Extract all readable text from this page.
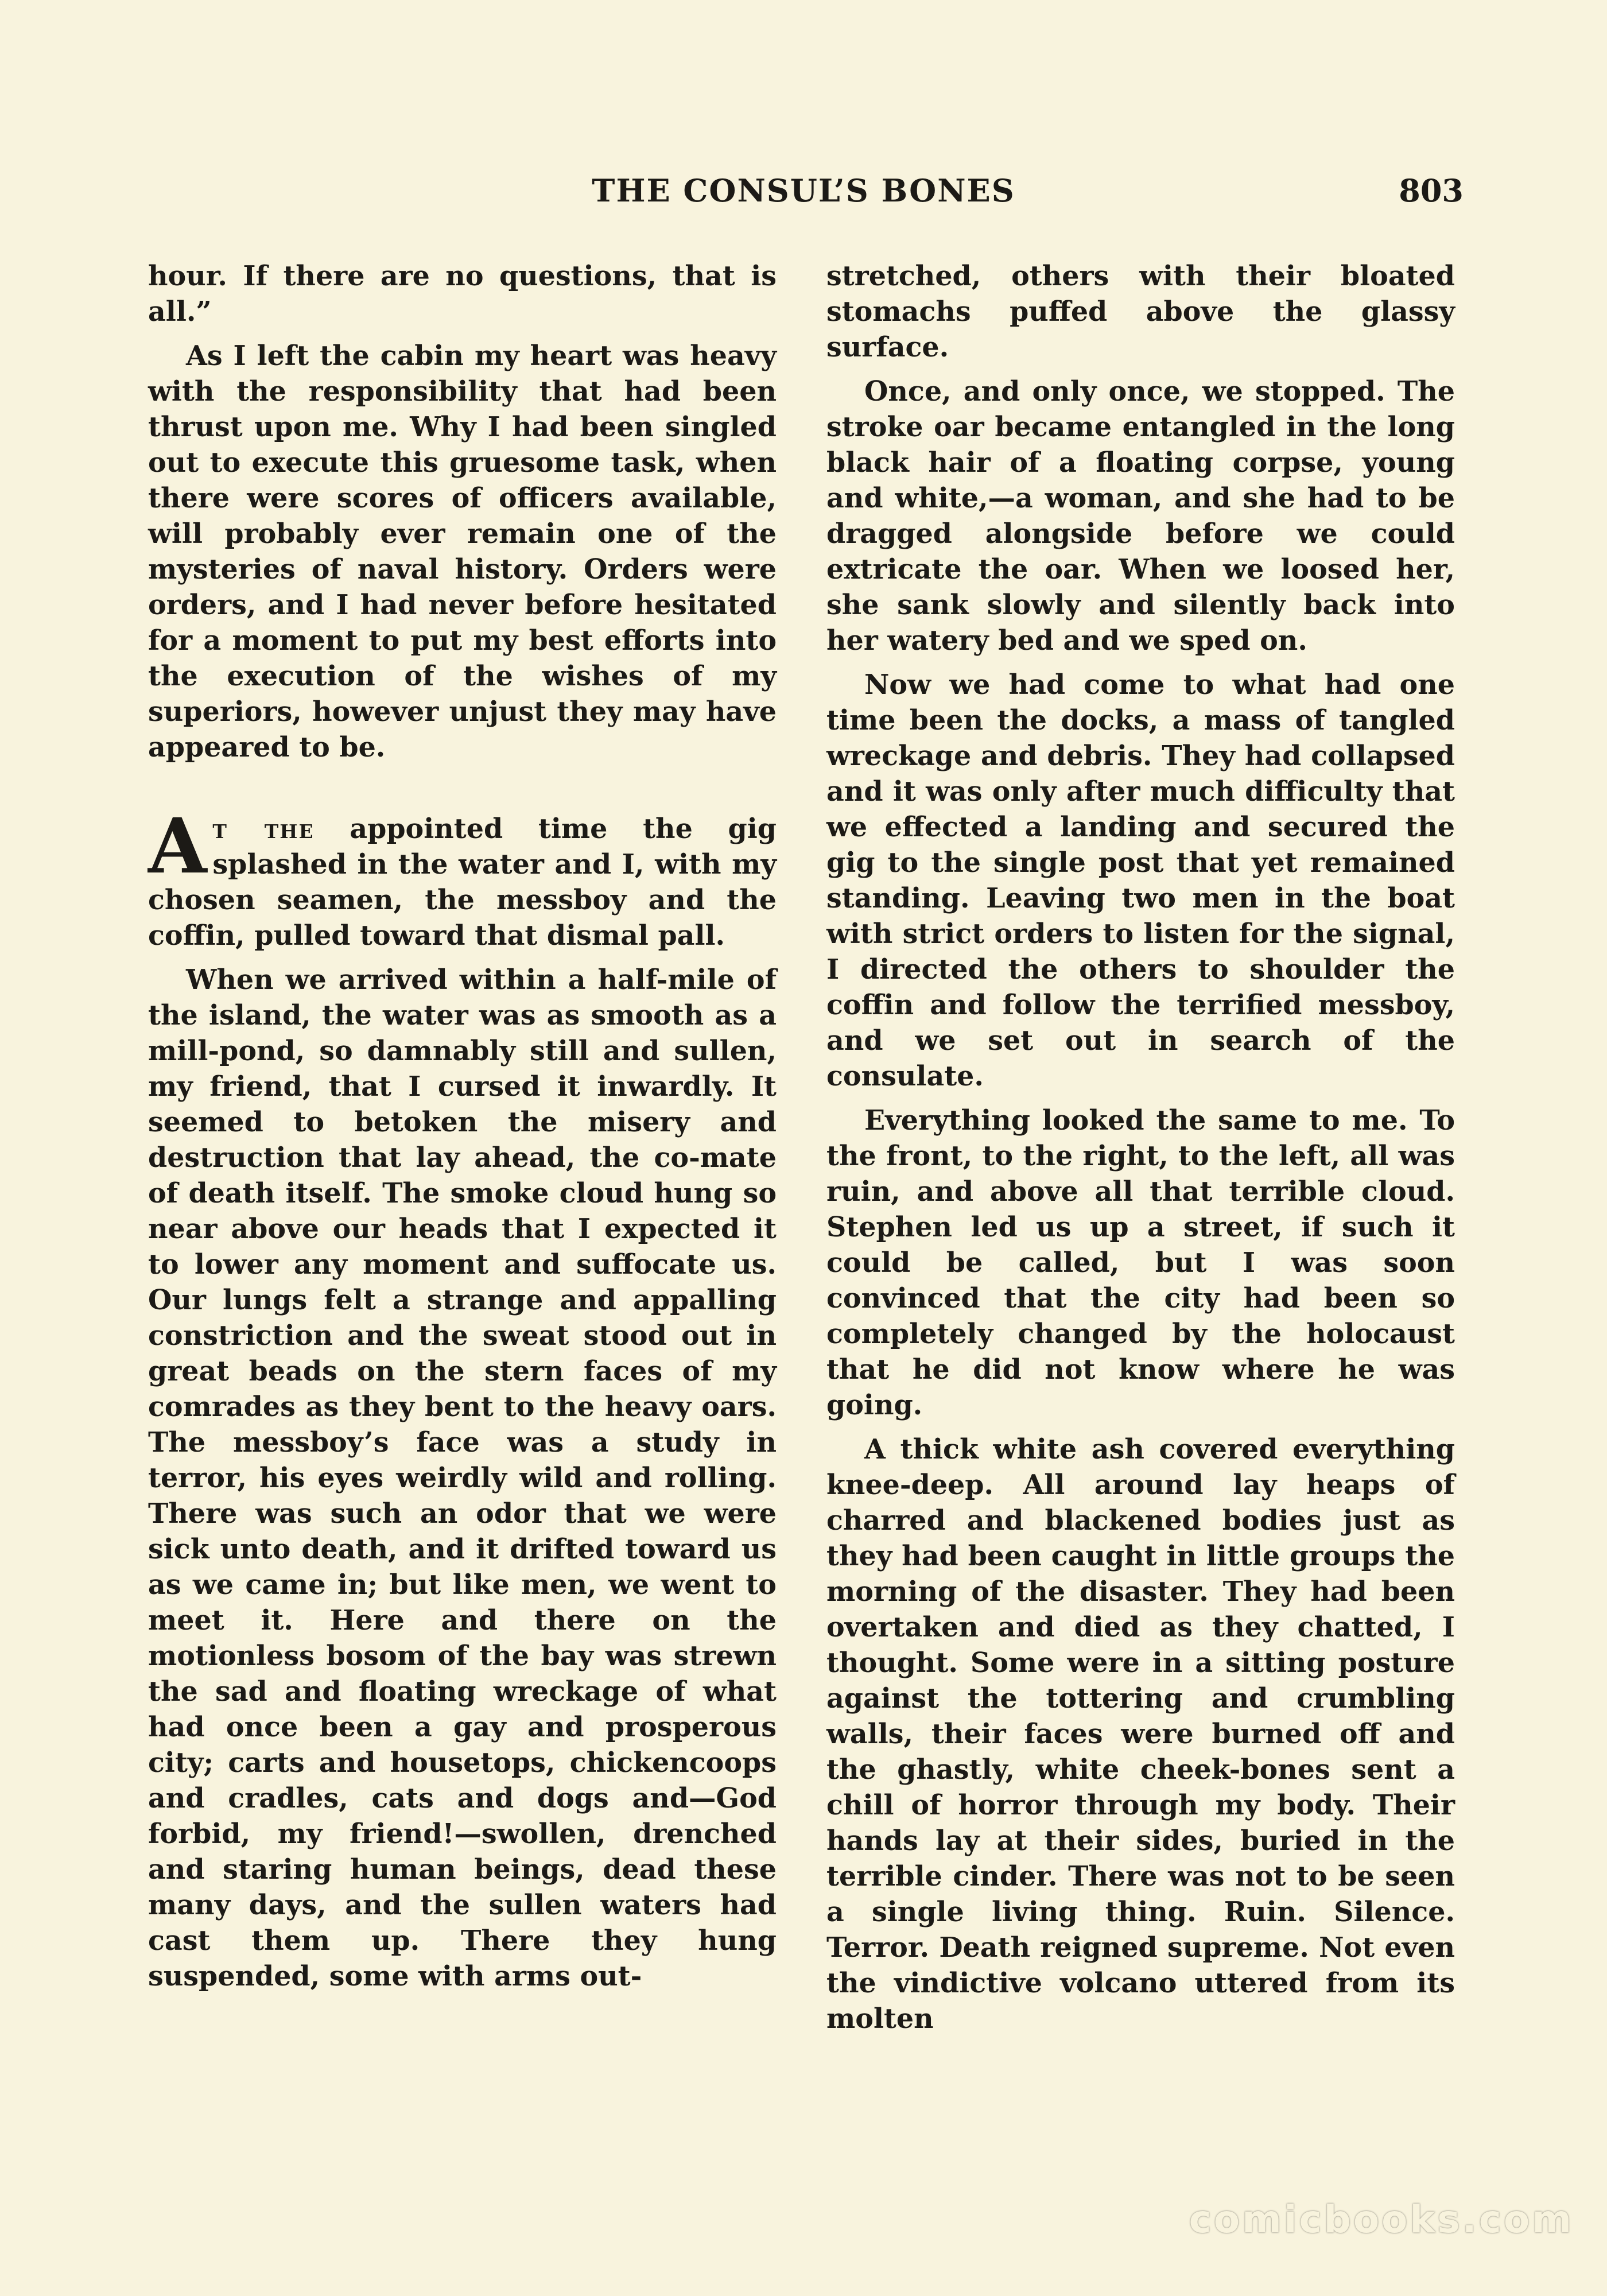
THE CONSUL’S BONES	803

hour. If there are no questions, that is all.”

As I left the cabin my heart was heavy with the responsibility that had been thrust upon me. Why I had been singled out to execute this gruesome task, when there were scores of officers available, will probably ever remain one of the mysteries of naval history. Orders were orders, and I had never before hesitated for a moment to put my best efforts into the execution of the wishes of my superiors, however unjust they may have appeared to be.

At the appointed time the gig splashed in the water and I, with my chosen seamen, the messboy and the coffin, pulled toward that dismal pall.

When we arrived within a half-mile of the island, the water was as smooth as a mill-pond, so damnably still and sullen, my friend, that I cursed it inwardly. It seemed to betoken the misery and destruction that lay ahead, the co-mate of death itself. The smoke cloud hung so near above our heads that I expected it to lower any moment and suffocate us. Our lungs felt a strange and appalling constriction and the sweat stood out in great beads on the stern faces of my comrades as they bent to the heavy oars. The messboy’s face was a study in terror, his eyes weirdly wild and rolling. There was such an odor that we were sick unto death, and it drifted toward us as we came in; but like men, we went to meet it. Here and there on the motionless bosom of the bay was strewn the sad and floating wreckage of what had once been a gay and prosperous city; carts and housetops, chickencoops and cradles, cats and dogs and—God forbid, my friend!—swollen, drenched and staring human beings, dead these many days, and the sullen waters had cast them up. There they hung suspended, some with arms out-

stretched, others with their bloated stomachs puffed above the glassy surface.

Once, and only once, we stopped. The stroke oar became entangled in the long black hair of a floating corpse, young and white,—a woman, and she had to be dragged alongside before we could extricate the oar. When we loosed her, she sank slowly and silently back into her watery bed and we sped on.

Now we had come to what had one time been the docks, a mass of tangled wreckage and debris. They had collapsed and it was only after much difficulty that we effected a landing and secured the gig to the single post that yet remained standing. Leaving two men in the boat with strict orders to listen for the signal, I directed the others to shoulder the coffin and follow the terrified messboy, and we set out in search of the consulate.

Everything looked the same to me. To the front, to the right, to the left, all was ruin, and above all that terrible cloud. Stephen led us up a street, if such it could be called, but I was soon convinced that the city had been so completely changed by the holocaust that he did not know where he was going.

A thick white ash covered everything knee-deep. All around lay heaps of charred and blackened bodies just as they had been caught in little groups the morning of the disaster. They had been overtaken and died as they chatted, I thought. Some were in a sitting posture against the tottering and crumbling walls, their faces were burned off and the ghastly, white cheek-bones sent a chill of horror through my body. Their hands lay at their sides, buried in the terrible cinder. There was not to be seen a single living thing. Ruin. Silence. Terror. Death reigned supreme. Not even the vindictive volcano uttered from its molten

comicbooks.com
